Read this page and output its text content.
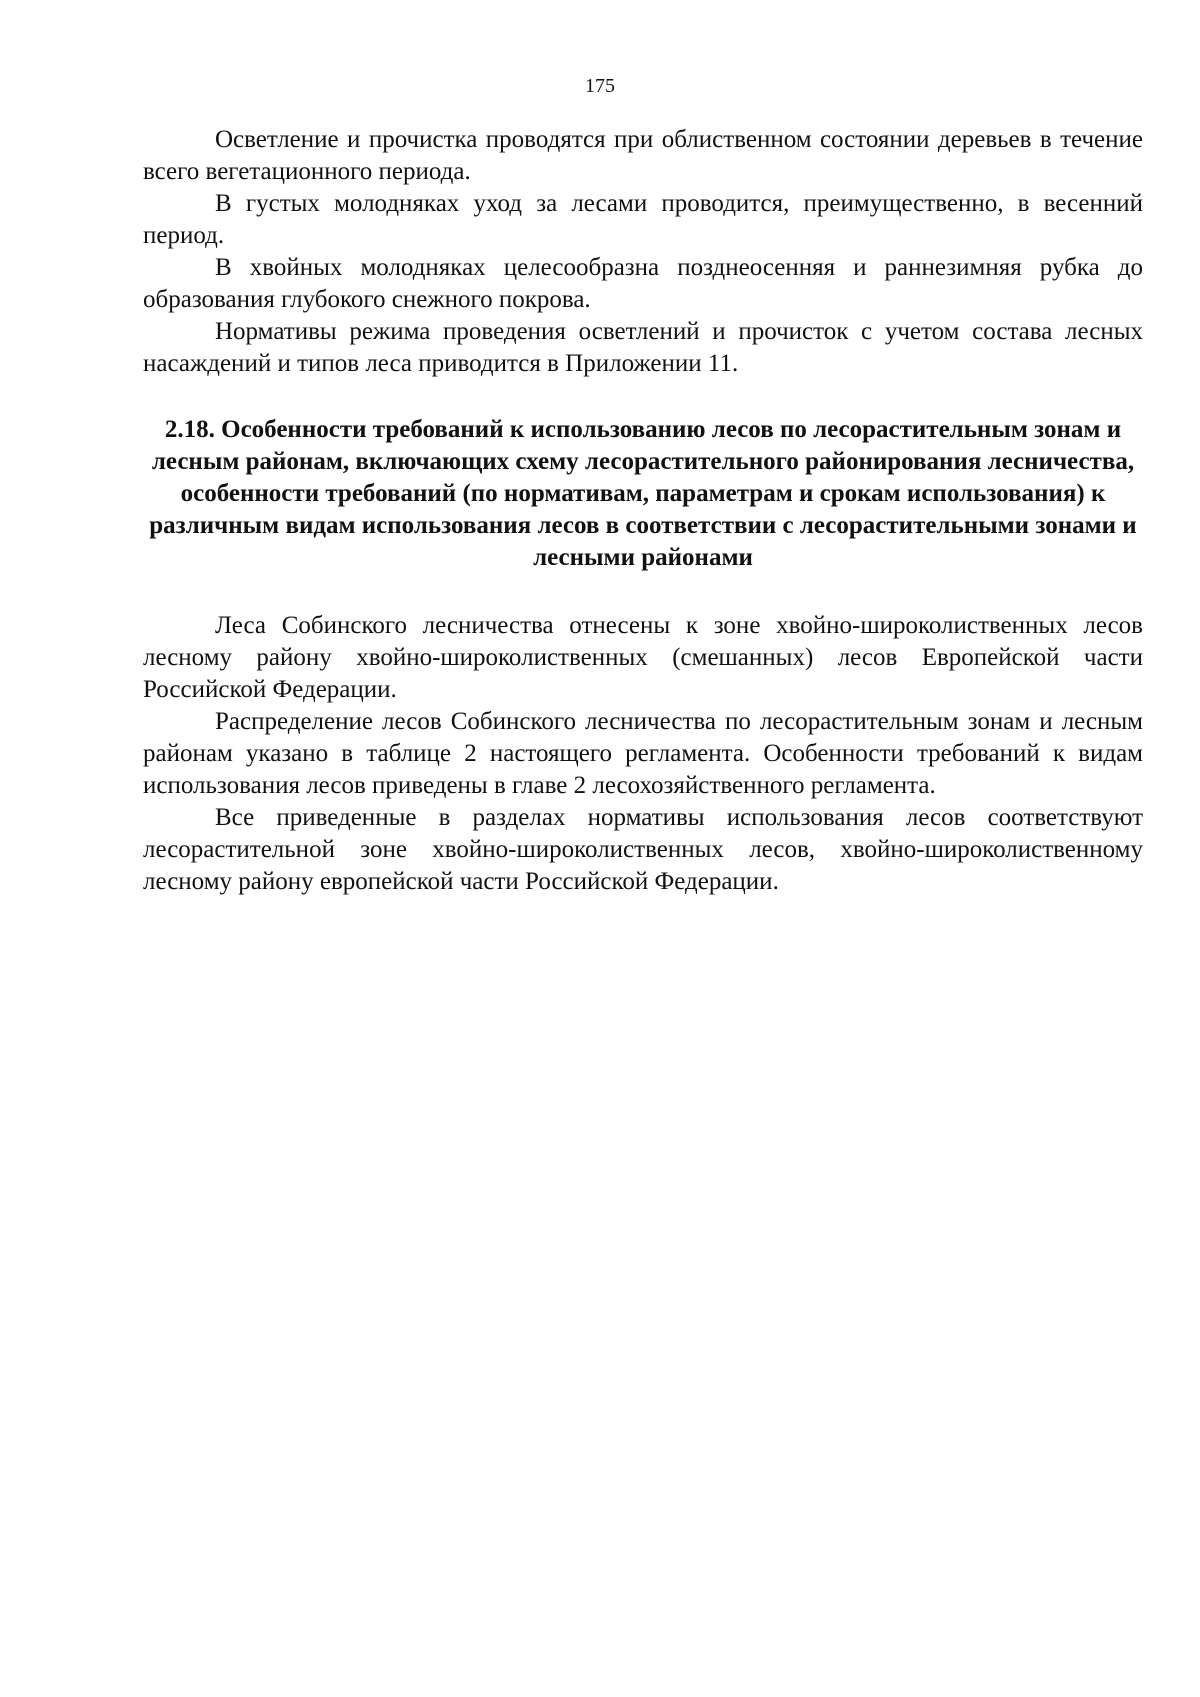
175

Осветление и прочистка проводятся при облиственном состоянии деревьев в течение всего вегетационного периода.

В густых молодняках уход за лесами проводится, преимущественно, в весенний период.

В хвойных молодняках целесообразна позднеосенняя и раннезимняя рубка до образования глубокого снежного покрова.

Нормативы режима проведения осветлений и прочисток с учетом состава лесных насаждений и типов леса приводится в Приложении 11.

2.18. Особенности требований к использованию лесов по лесорастительным зонам и лесным районам, включающих схему лесорастительного районирования лесничества, особенности требований (по нормативам, параметрам и срокам использования) к различным видам использования лесов в соответствии с лесорастительными зонами и лесными районами

Леса Собинского лесничества отнесены к зоне хвойно-широколиственных лесов лесному району хвойно-широколиственных (смешанных) лесов Европейской части Российской Федерации.

Распределение лесов Собинского лесничества по лесорастительным зонам и лесным районам указано в таблице 2 настоящего регламента. Особенности требований к видам использования лесов приведены в главе 2 лесохозяйственного регламента.

Все приведенные в разделах нормативы использования лесов соответствуют лесорастительной зоне хвойно-широколиственных лесов, хвойно-широколиственному лесному району европейской части Российской Федерации.
